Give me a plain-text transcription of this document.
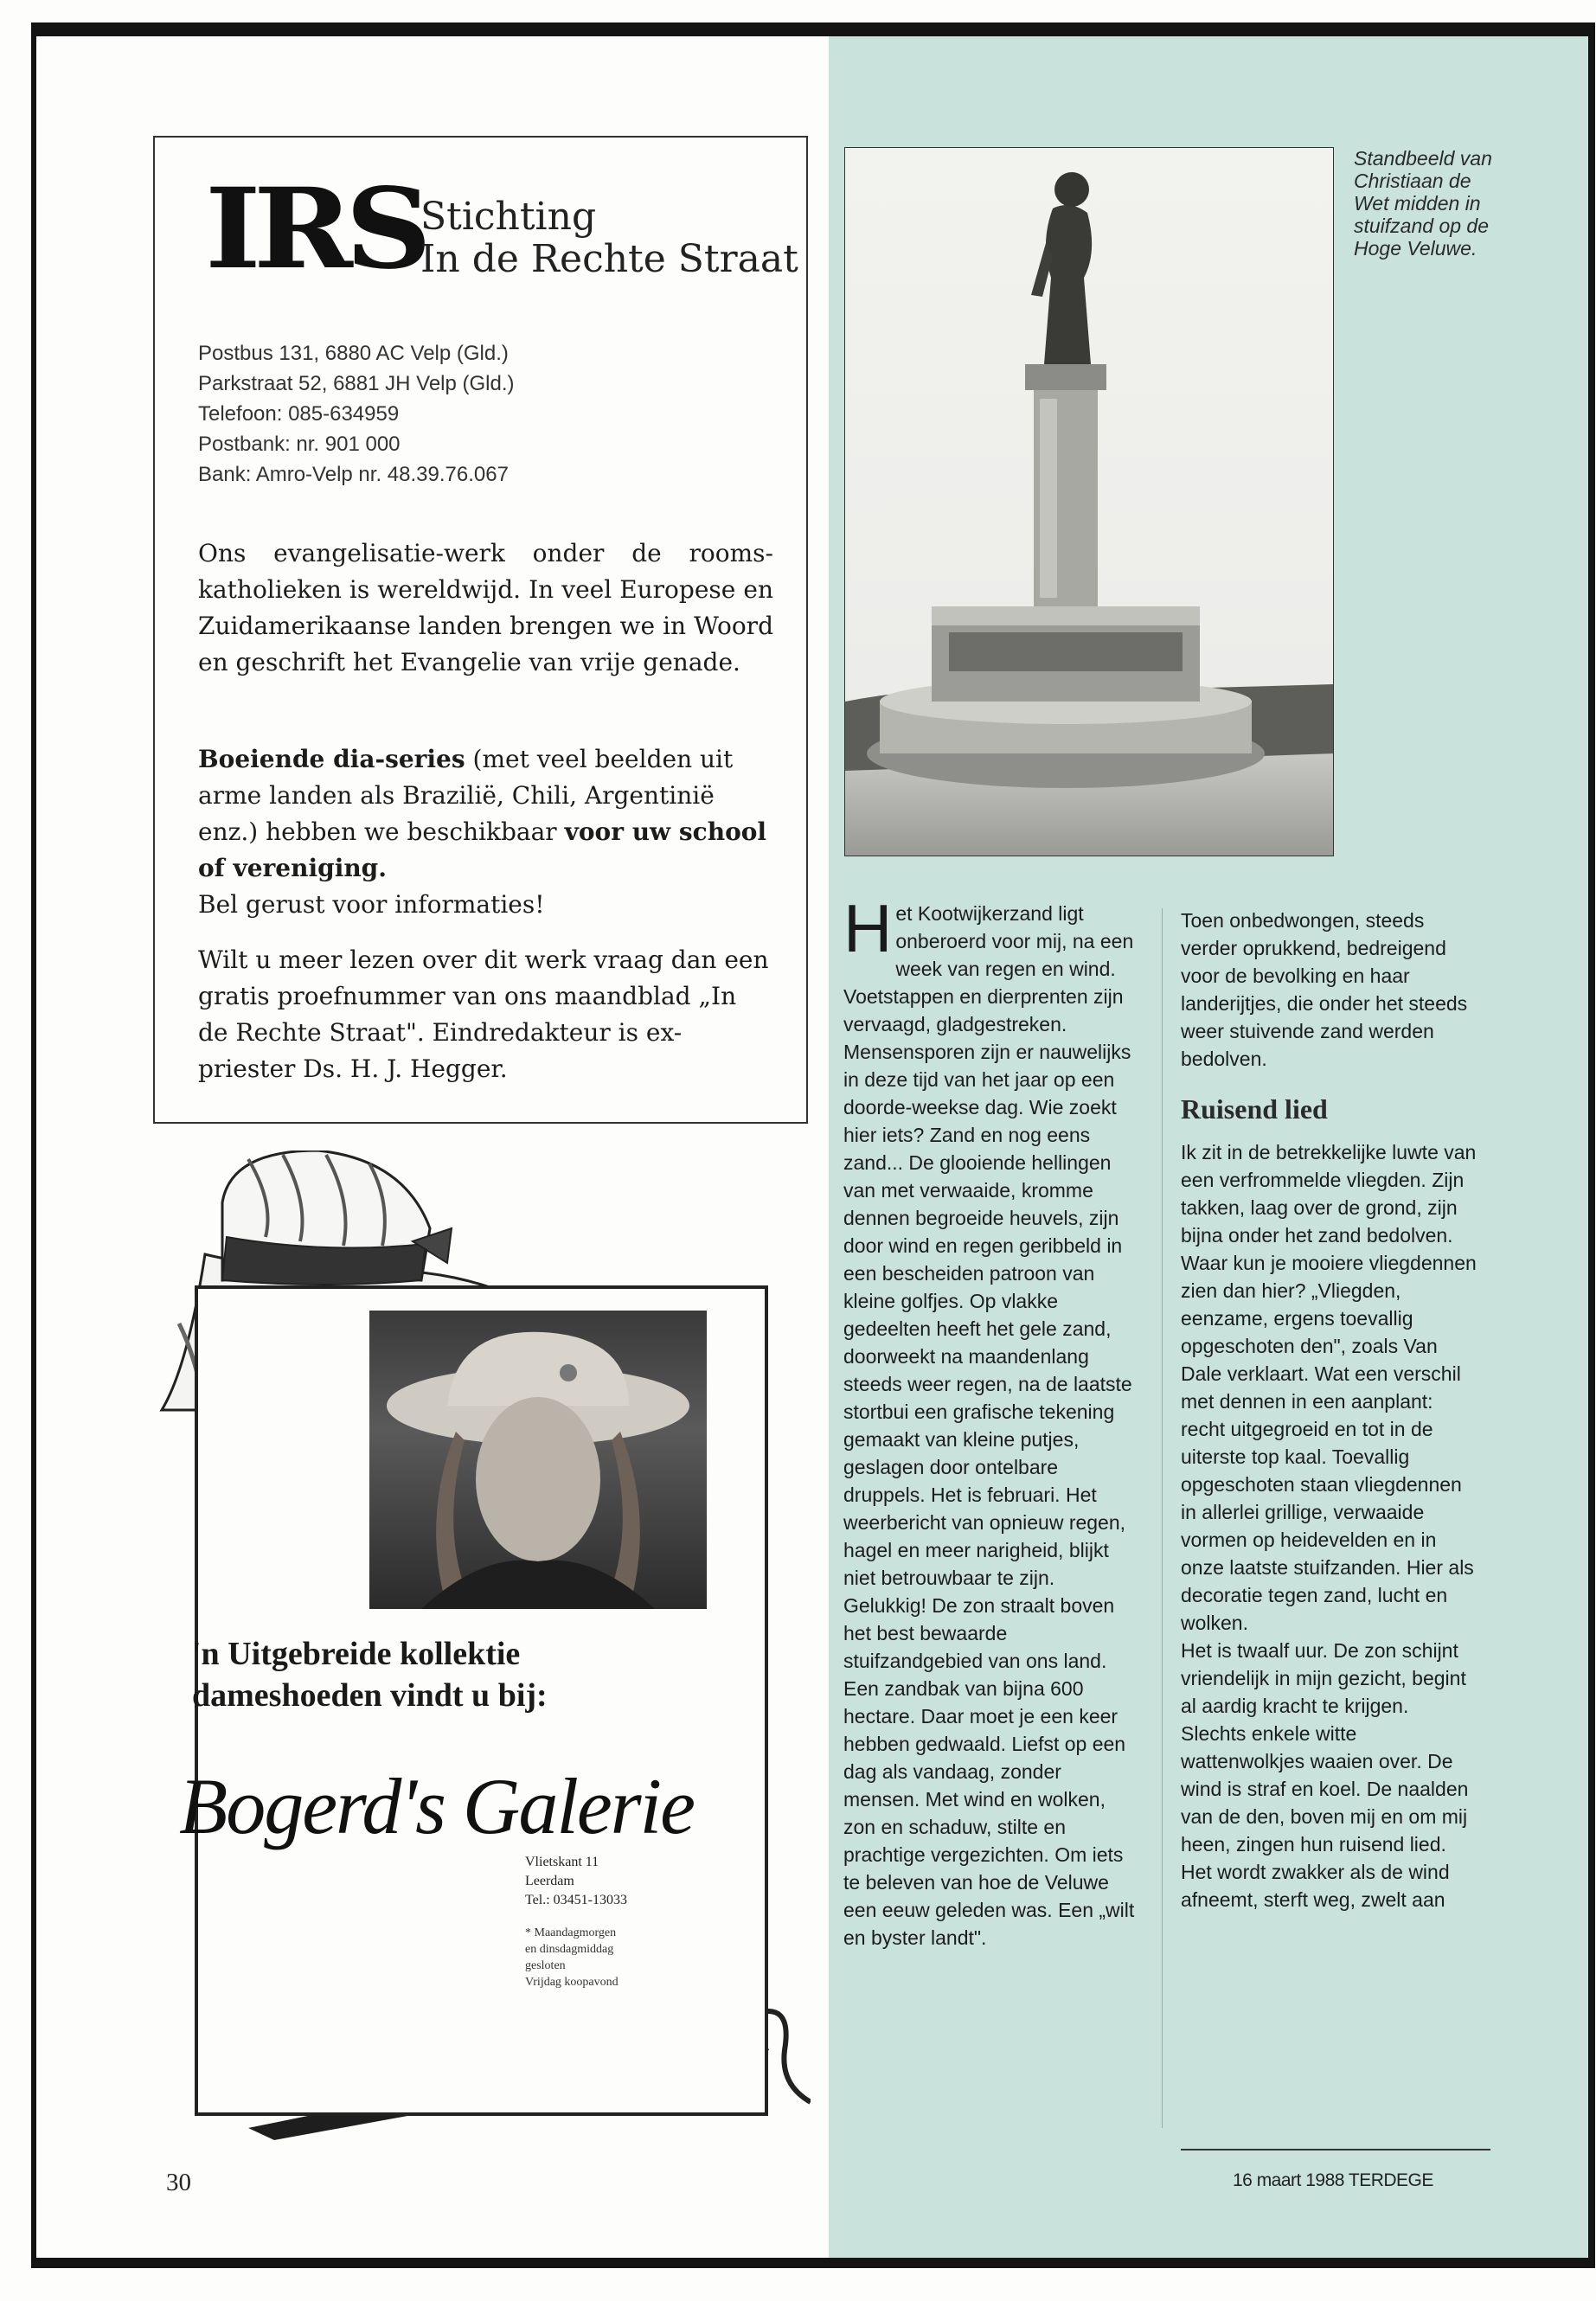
IRS
Stichting
In de Rechte Straat
Postbus 131, 6880 AC Velp (Gld.)
Parkstraat 52, 6881 JH Velp (Gld.)
Telefoon: 085-634959
Postbank: nr. 901 000
Bank: Amro-Velp nr. 48.39.76.067
Ons evangelisatie-werk onder de rooms-katholieken is wereldwijd. In veel Europese en Zuidamerikaanse landen brengen we in Woord en geschrift het Evangelie van vrije genade.
Boeiende dia-series (met veel beelden uit arme landen als Brazilië, Chili, Argentinië enz.) hebben we beschikbaar voor uw school of vereniging.
Bel gerust voor informaties!
Wilt u meer lezen over dit werk vraag dan een gratis proefnummer van ons maandblad „In de Rechte Straat". Eindredakteur is ex-priester Ds. H. J. Hegger.
'n Uitgebreide kollektie
dameshoeden vindt u bij:
Bogerd's Galerie
Vlietskant 11
Leerdam
Tel.: 03451-13033
* Maandagmorgen
en dinsdagmiddag
gesloten
Vrijdag koopavond
Standbeeld van Christiaan de Wet midden in stuifzand op de Hoge Veluwe.
Het Kootwijkerzand ligt onberoerd voor mij, na een week van regen en wind. Voetstappen en dierprenten zijn vervaagd, gladgestreken. Mensensporen zijn er nauwelijks in deze tijd van het jaar op een doorde-weekse dag. Wie zoekt hier iets? Zand en nog eens zand... De glooiende hellingen van met verwaaide, kromme dennen begroeide heuvels, zijn door wind en regen geribbeld in een bescheiden patroon van kleine golfjes. Op vlakke gedeelten heeft het gele zand, doorweekt na maandenlang steeds weer regen, na de laatste stortbui een grafische tekening gemaakt van kleine putjes, geslagen door ontelbare druppels. Het is februari. Het weerbericht van opnieuw regen, hagel en meer narigheid, blijkt niet betrouwbaar te zijn. Gelukkig! De zon straalt boven het best bewaarde stuifzandgebied van ons land. Een zandbak van bijna 600 hectare. Daar moet je een keer hebben gedwaald. Liefst op een dag als vandaag, zonder mensen. Met wind en wolken, zon en schaduw, stilte en prachtige vergezichten. Om iets te beleven van hoe de Veluwe een eeuw geleden was. Een „wilt en byster landt".
Toen onbedwongen, steeds verder oprukkend, bedreigend voor de bevolking en haar landerijtjes, die onder het steeds weer stuivende zand werden bedolven.
Ruisend lied
Ik zit in de betrekkelijke luwte van een verfrommelde vliegden. Zijn takken, laag over de grond, zijn bijna onder het zand bedolven. Waar kun je mooiere vliegdennen zien dan hier? „Vliegden, eenzame, ergens toevallig opgeschoten den", zoals Van Dale verklaart. Wat een verschil met dennen in een aanplant: recht uitgegroeid en tot in de uiterste top kaal. Toevallig opgeschoten staan vliegdennen in allerlei grillige, verwaaide vormen op heidevelden en in onze laatste stuifzanden. Hier als decoratie tegen zand, lucht en wolken.
Het is twaalf uur. De zon schijnt vriendelijk in mijn gezicht, begint al aardig kracht te krijgen. Slechts enkele witte wattenwolkjes waaien over. De wind is straf en koel. De naalden van de den, boven mij en om mij heen, zingen hun ruisend lied. Het wordt zwakker als de wind afneemt, sterft weg, zwelt aan
30	16 maart 1988 TERDEGE
